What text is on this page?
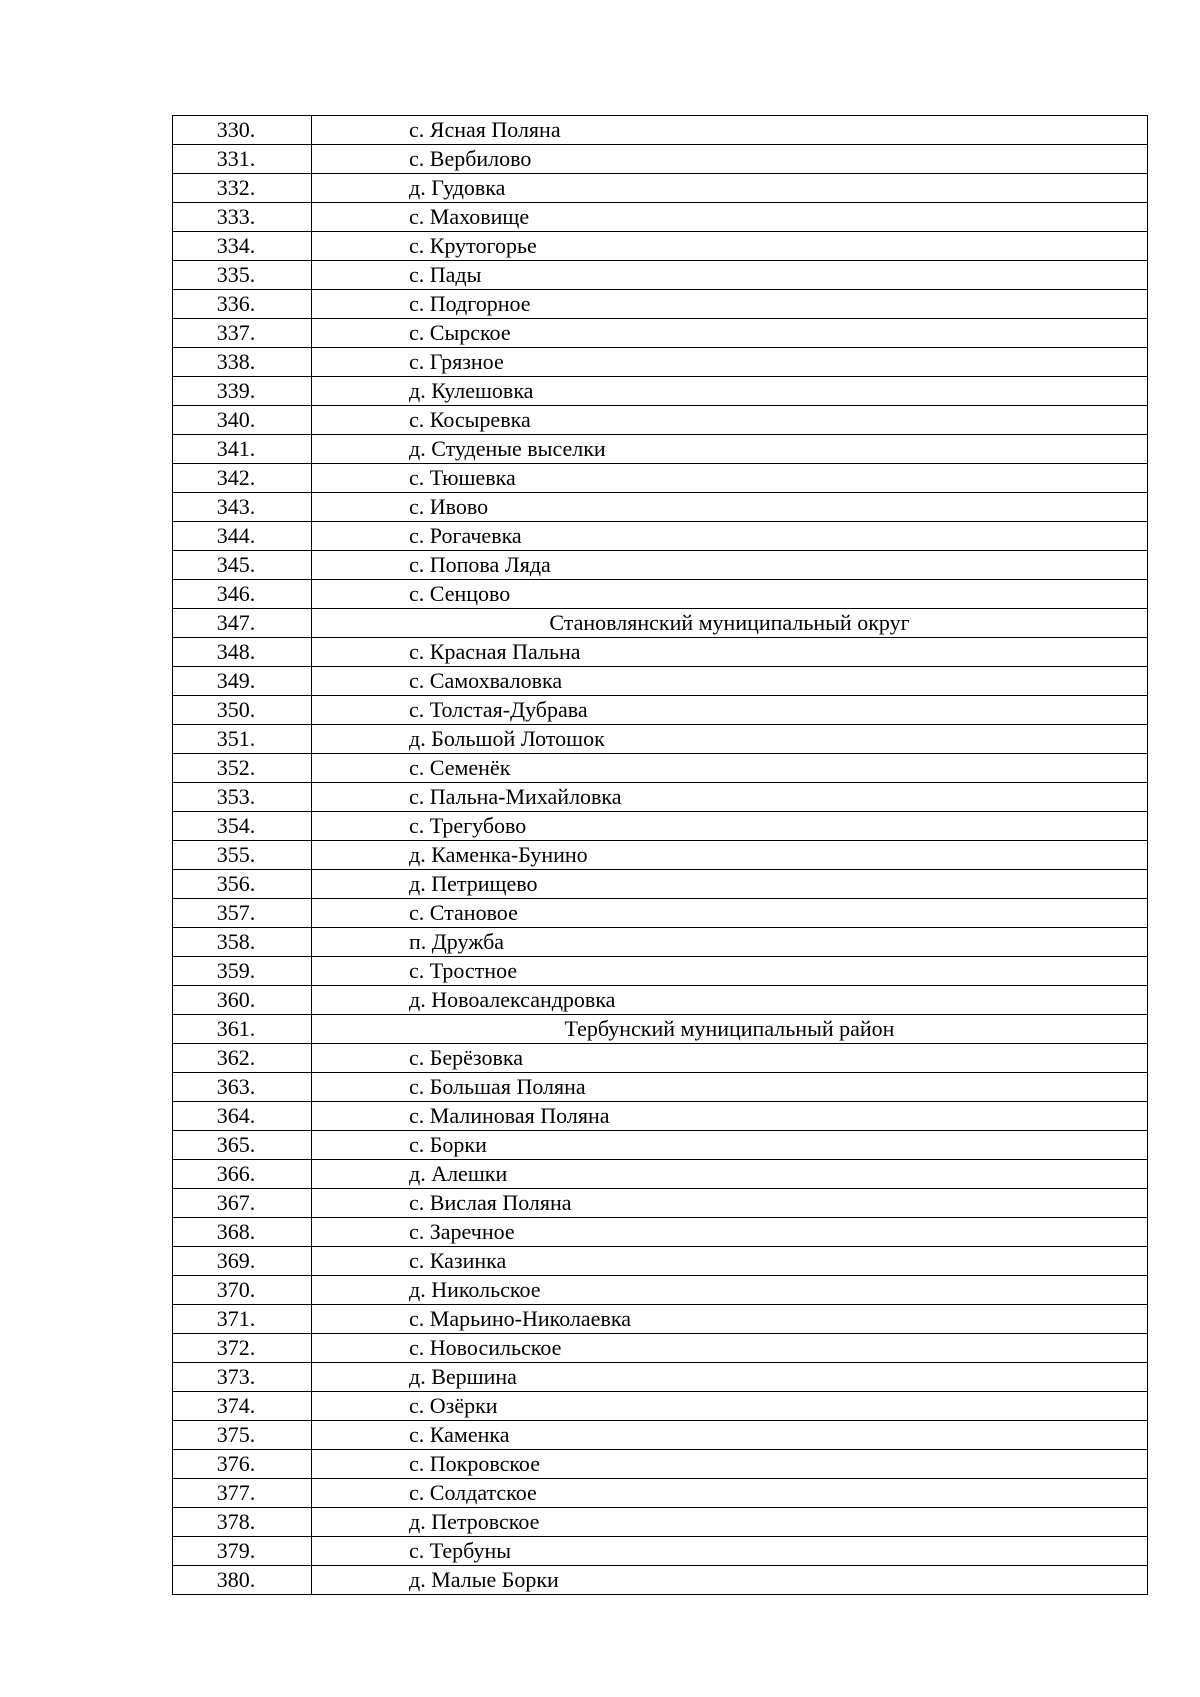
330.	с. Ясная Поляна
331.	с. Вербилово
332.	д. Гудовка
333.	с. Маховище
334.	с. Крутогорье
335.	с. Пады
336.	с. Подгорное
337.	с. Сырское
338.	с. Грязное
339.	д. Кулешовка
340.	с. Косыревка
341.	д. Студеные выселки
342.	с. Тюшевка
343.	с. Ивово
344.	с. Рогачевка
345.	с. Попова Ляда
346.	с. Сенцово
347.	Становлянский муниципальный округ
348.	с. Красная Пальна
349.	с. Самохваловка
350.	с. Толстая-Дубрава
351.	д. Большой Лотошок
352.	с. Семенёк
353.	с. Пальна-Михайловка
354.	с. Трегубово
355.	д. Каменка-Бунино
356.	д. Петрищево
357.	с. Становое
358.	п. Дружба
359.	с. Тростное
360.	д. Новоалександровка
361.	Тербунский муниципальный район
362.	с. Берёзовка
363.	с. Большая Поляна
364.	с. Малиновая Поляна
365.	с. Борки
366.	д. Алешки
367.	с. Вислая Поляна
368.	с. Заречное
369.	с. Казинка
370.	д. Никольское
371.	с. Марьино-Николаевка
372.	с. Новосильское
373.	д. Вершина
374.	с. Озёрки
375.	с. Каменка
376.	с. Покровское
377.	с. Солдатское
378.	д. Петровское
379.	с. Тербуны
380.	д. Малые Борки
